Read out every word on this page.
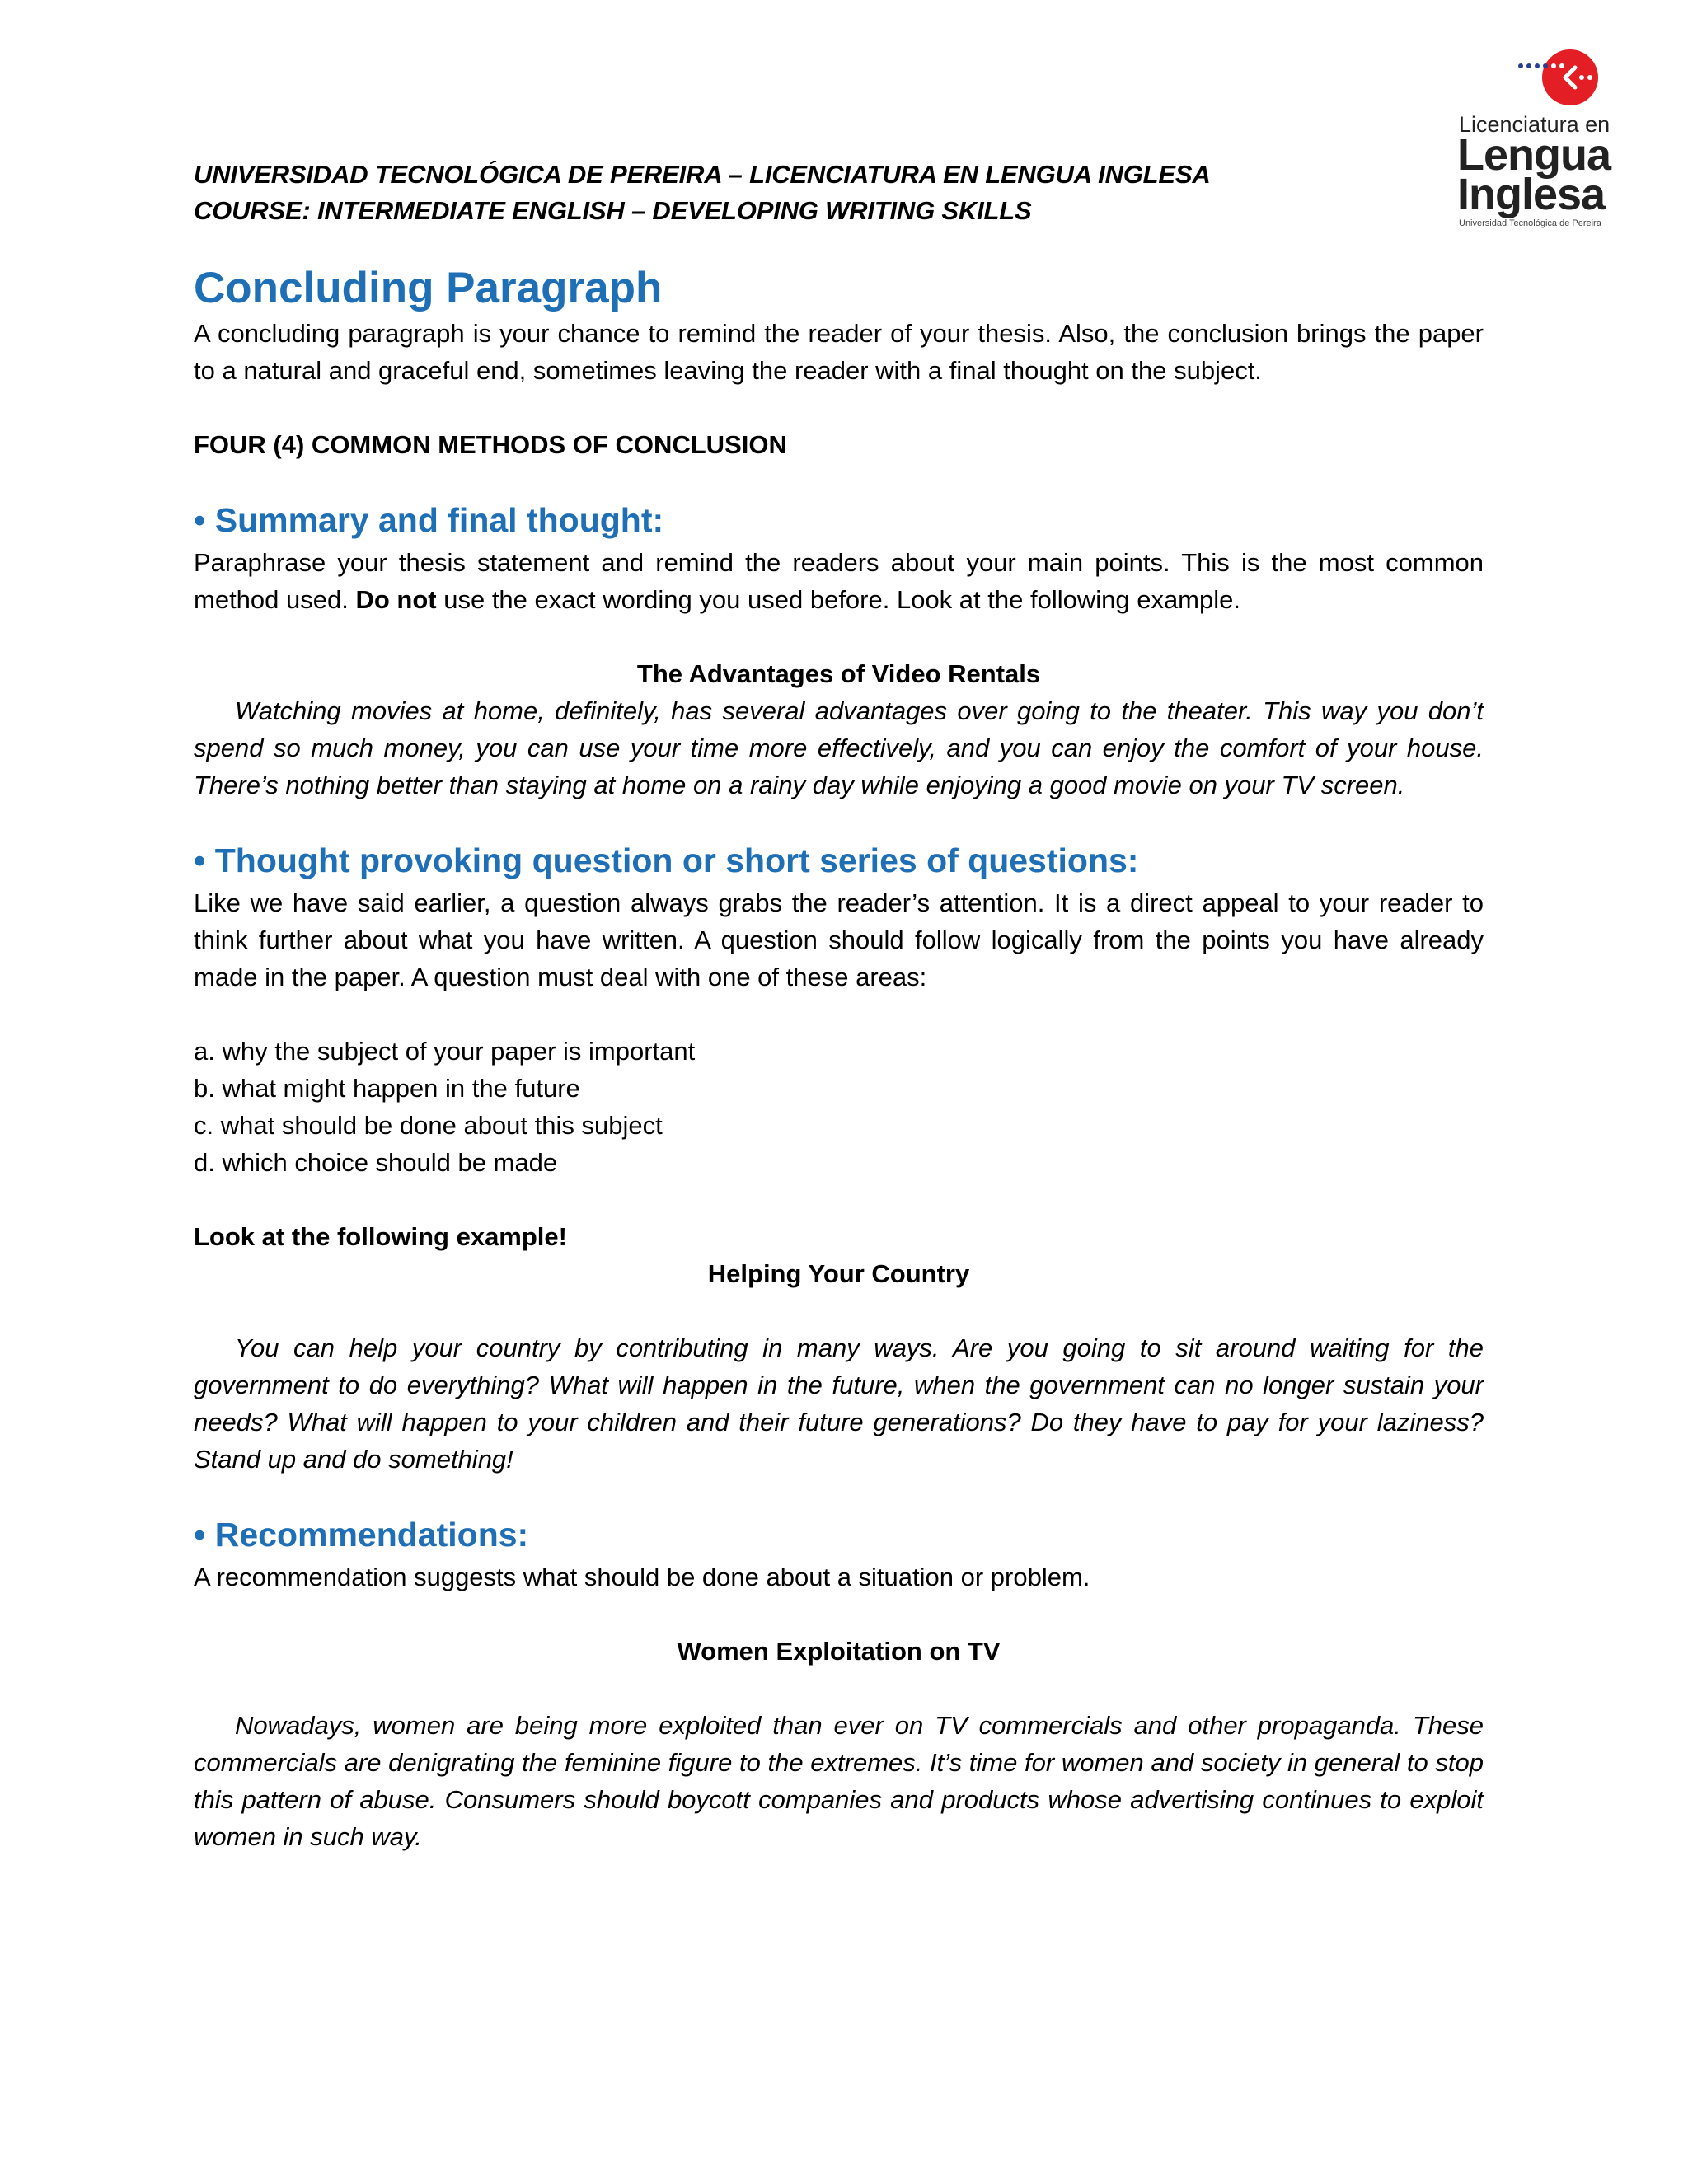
Licenciatura en
Lengua
Inglesa
Universidad Tecnológica de Pereira

UNIVERSIDAD TECNOLÓGICA DE PEREIRA – LICENCIATURA EN LENGUA INGLESA

COURSE: INTERMEDIATE ENGLISH – DEVELOPING WRITING SKILLS

Concluding Paragraph

A concluding paragraph is your chance to remind the reader of your thesis. Also, the conclusion brings the paper to a natural and graceful end, sometimes leaving the reader with a final thought on the subject.

FOUR (4) COMMON METHODS OF CONCLUSION

• Summary and final thought:

Paraphrase your thesis statement and remind the readers about your main points. This is the most common method used. Do not use the exact wording you used before. Look at the following example.

The Advantages of Video Rentals

Watching movies at home, definitely, has several advantages over going to the theater. This way you don’t spend so much money, you can use your time more effectively, and you can enjoy the comfort of your house. There’s nothing better than staying at home on a rainy day while enjoying a good movie on your TV screen.

• Thought provoking question or short series of questions:

Like we have said earlier, a question always grabs the reader’s attention. It is a direct appeal to your reader to think further about what you have written. A question should follow logically from the points you have already made in the paper. A question must deal with one of these areas:

a. why the subject of your paper is important

b. what might happen in the future

c. what should be done about this subject

d. which choice should be made

Look at the following example!

Helping Your Country

You can help your country by contributing in many ways. Are you going to sit around waiting for the government to do everything? What will happen in the future, when the government can no longer sustain your needs? What will happen to your children and their future generations? Do they have to pay for your laziness? Stand up and do something!

• Recommendations:

A recommendation suggests what should be done about a situation or problem.

Women Exploitation on TV

Nowadays, women are being more exploited than ever on TV commercials and other propaganda. These commercials are denigrating the feminine figure to the extremes. It’s time for women and society in general to stop this pattern of abuse. Consumers should boycott companies and products whose advertising continues to exploit women in such way.
